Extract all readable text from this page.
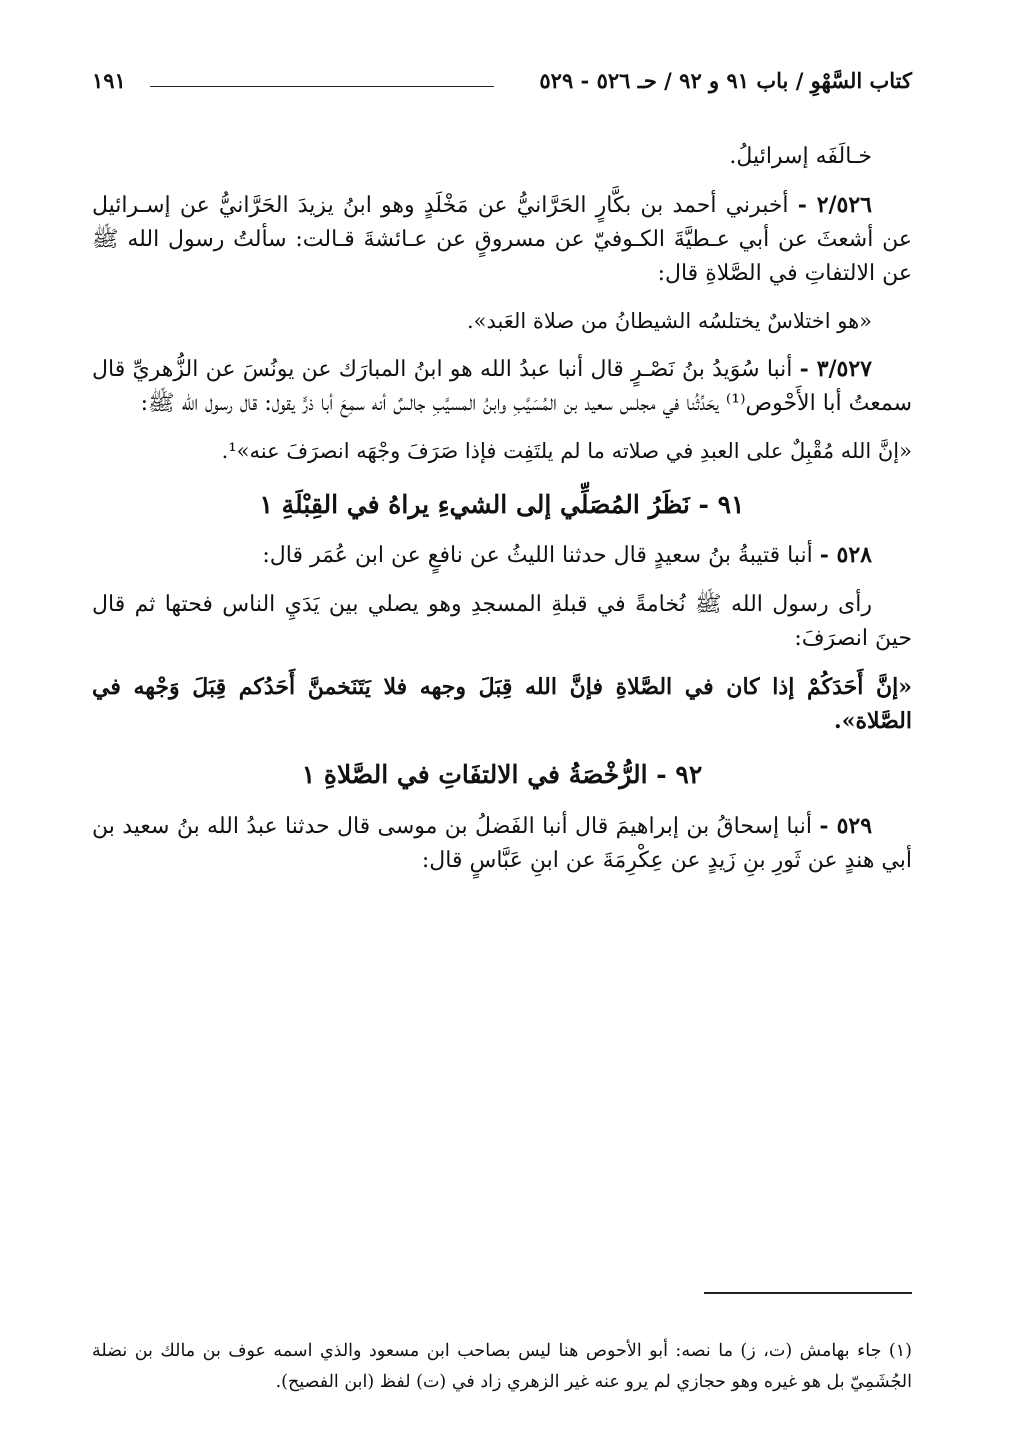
كتاب السَّهْوِ / باب ٩١ و ٩٢ / حـ ٥٢٦ - ٥٢٩
١٩١

خـالَفَه إسرائيلُ.

٢/٥٢٦ - أخبرني أحمد بن بكَّارٍ الحَرَّانيُّ عن مَخْلَدٍ وهو ابنُ يزيدَ الحَرَّانيُّ عن إسـرائيل عن أشعثَ عن أبي عـطيَّةَ الكـوفيّ عن مسروقٍ عن عـائشةَ قـالت: سألتُ رسول الله ﷺ عن الالتفاتِ في الصَّلاةِ قال:

«هو اختلاسٌ يختلسُه الشيطانُ من صلاة العَبد».

٣/٥٢٧ - أنبا سُوَيدُ بنُ نَصْـرٍ قال أنبا عبدُ الله هو ابنُ المبارَك عن يونُسَ عن الزُّهريِّ قال سمعتُ أبا الأَحْوص⁽¹⁾ يحَدِّثُنا في مجلس سعيد بن المُسَيَّبِ وابنُ المسيَّبِ جالسٌ أنه سمِعَ أبا ذرٍّ يقول: قال رسول الله ﷺ:

«إنَّ الله مُقْبِلٌ على العبدِ في صلاته ما لم يلتَفِت فإذا صَرَفَ وجْهَه انصرَفَ عنه»¹.

٩١ - نَظَرُ المُصَلِّي إلى الشيءِ يراهُ في القِبْلَةِ ١

٥٢٨ - أنبا قتيبةُ بنُ سعيدٍ قال حدثنا الليثُ عن نافعٍ عن ابن عُمَر قال:

رأى رسول الله ﷺ نُخامةً في قبلةِ المسجدِ وهو يصلي بين يَدَيِ الناس فحتها ثم قال حينَ انصرَفَ:

«إنَّ أَحَدَكُمْ إذا كان في الصَّلاةِ فإنَّ الله قِبَلَ وجهه فلا يَتَنَخمنَّ أَحَدُكم قِبَلَ وَجْهه في الصَّلاة».

٩٢ - الرُّخْصَةُ في الالتفَاتِ في الصَّلاةِ ١

٥٢٩ - أنبا إسحاقُ بن إبراهيمَ قال أنبا الفَضلُ بن موسى قال حدثنا عبدُ الله بنُ سعيد بن أبي هندٍ عن ثَورِ بنِ زَيدٍ عن عِكْرِمَةَ عن ابنِ عَبَّاسٍ قال:

(١) جاء بهامش (ت، ز) ما نصه: أبو الأحوص هنا ليس بصاحب ابن مسعود والذي اسمه عوف بن مالك بن نضلة الجُشَمِيّ بل هو غيره وهو حجازي لم يرو عنه غير الزهري زاد في (ت) لفظ (ابن الفصيح).
